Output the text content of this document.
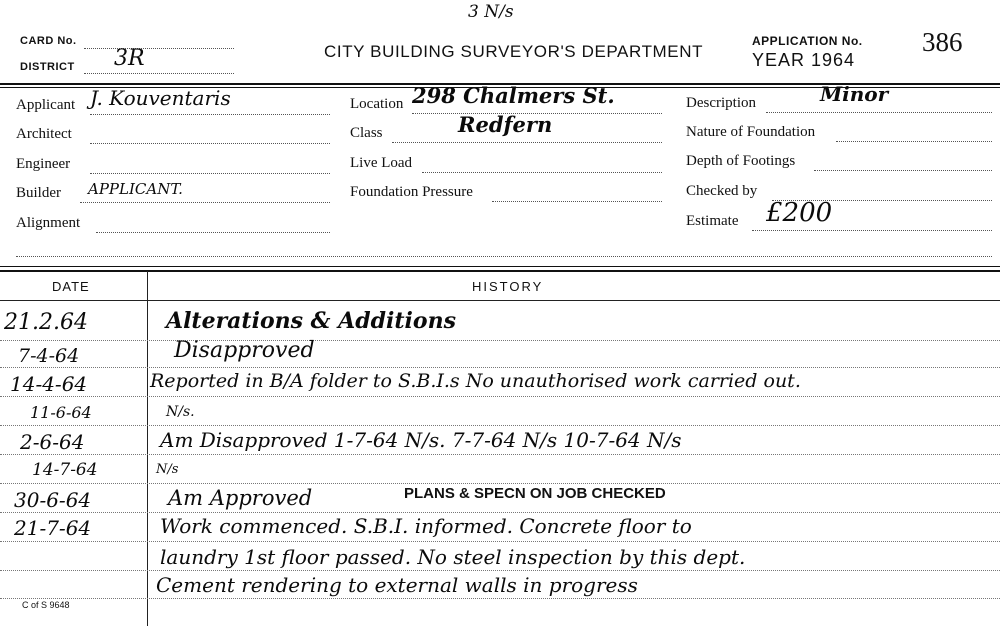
3 N/s
CARD No.
DISTRICT 3R	CITY BUILDING SURVEYOR'S DEPARTMENT
APPLICATION No. 386
YEAR 1964
Applicant J. Kouventaris
Architect
Engineer
Builder APPLICANT.
Alignment
Location 298 Chalmers St.
Class	Redfern
Live Load
Foundation Pressure
Description	Minor
Nature of Foundation
Depth of Footings
Checked by
Estimate £200
DATE	HISTORY
21.2.64	Alterations & Additions
7-4-64	Disapproved
14-4-64	Reported in B/A folder to S.B.I.s No unauthorised work carried out.
11-6-64	N/s.
2-6-64	Am Disapproved 1-7-64 N/s. 7-7-64 N/s 10-7-64 N/s
14-7-64	N/s
30-6-64	Am Approved	PLANS & SPECN ON JOB CHECKED
21-7-64	Work commenced. S.B.I. informed. Concrete floor to
laundry 1st floor passed. No steel inspection by this dept.
Cement rendering to external walls in progress
C of S 9648
